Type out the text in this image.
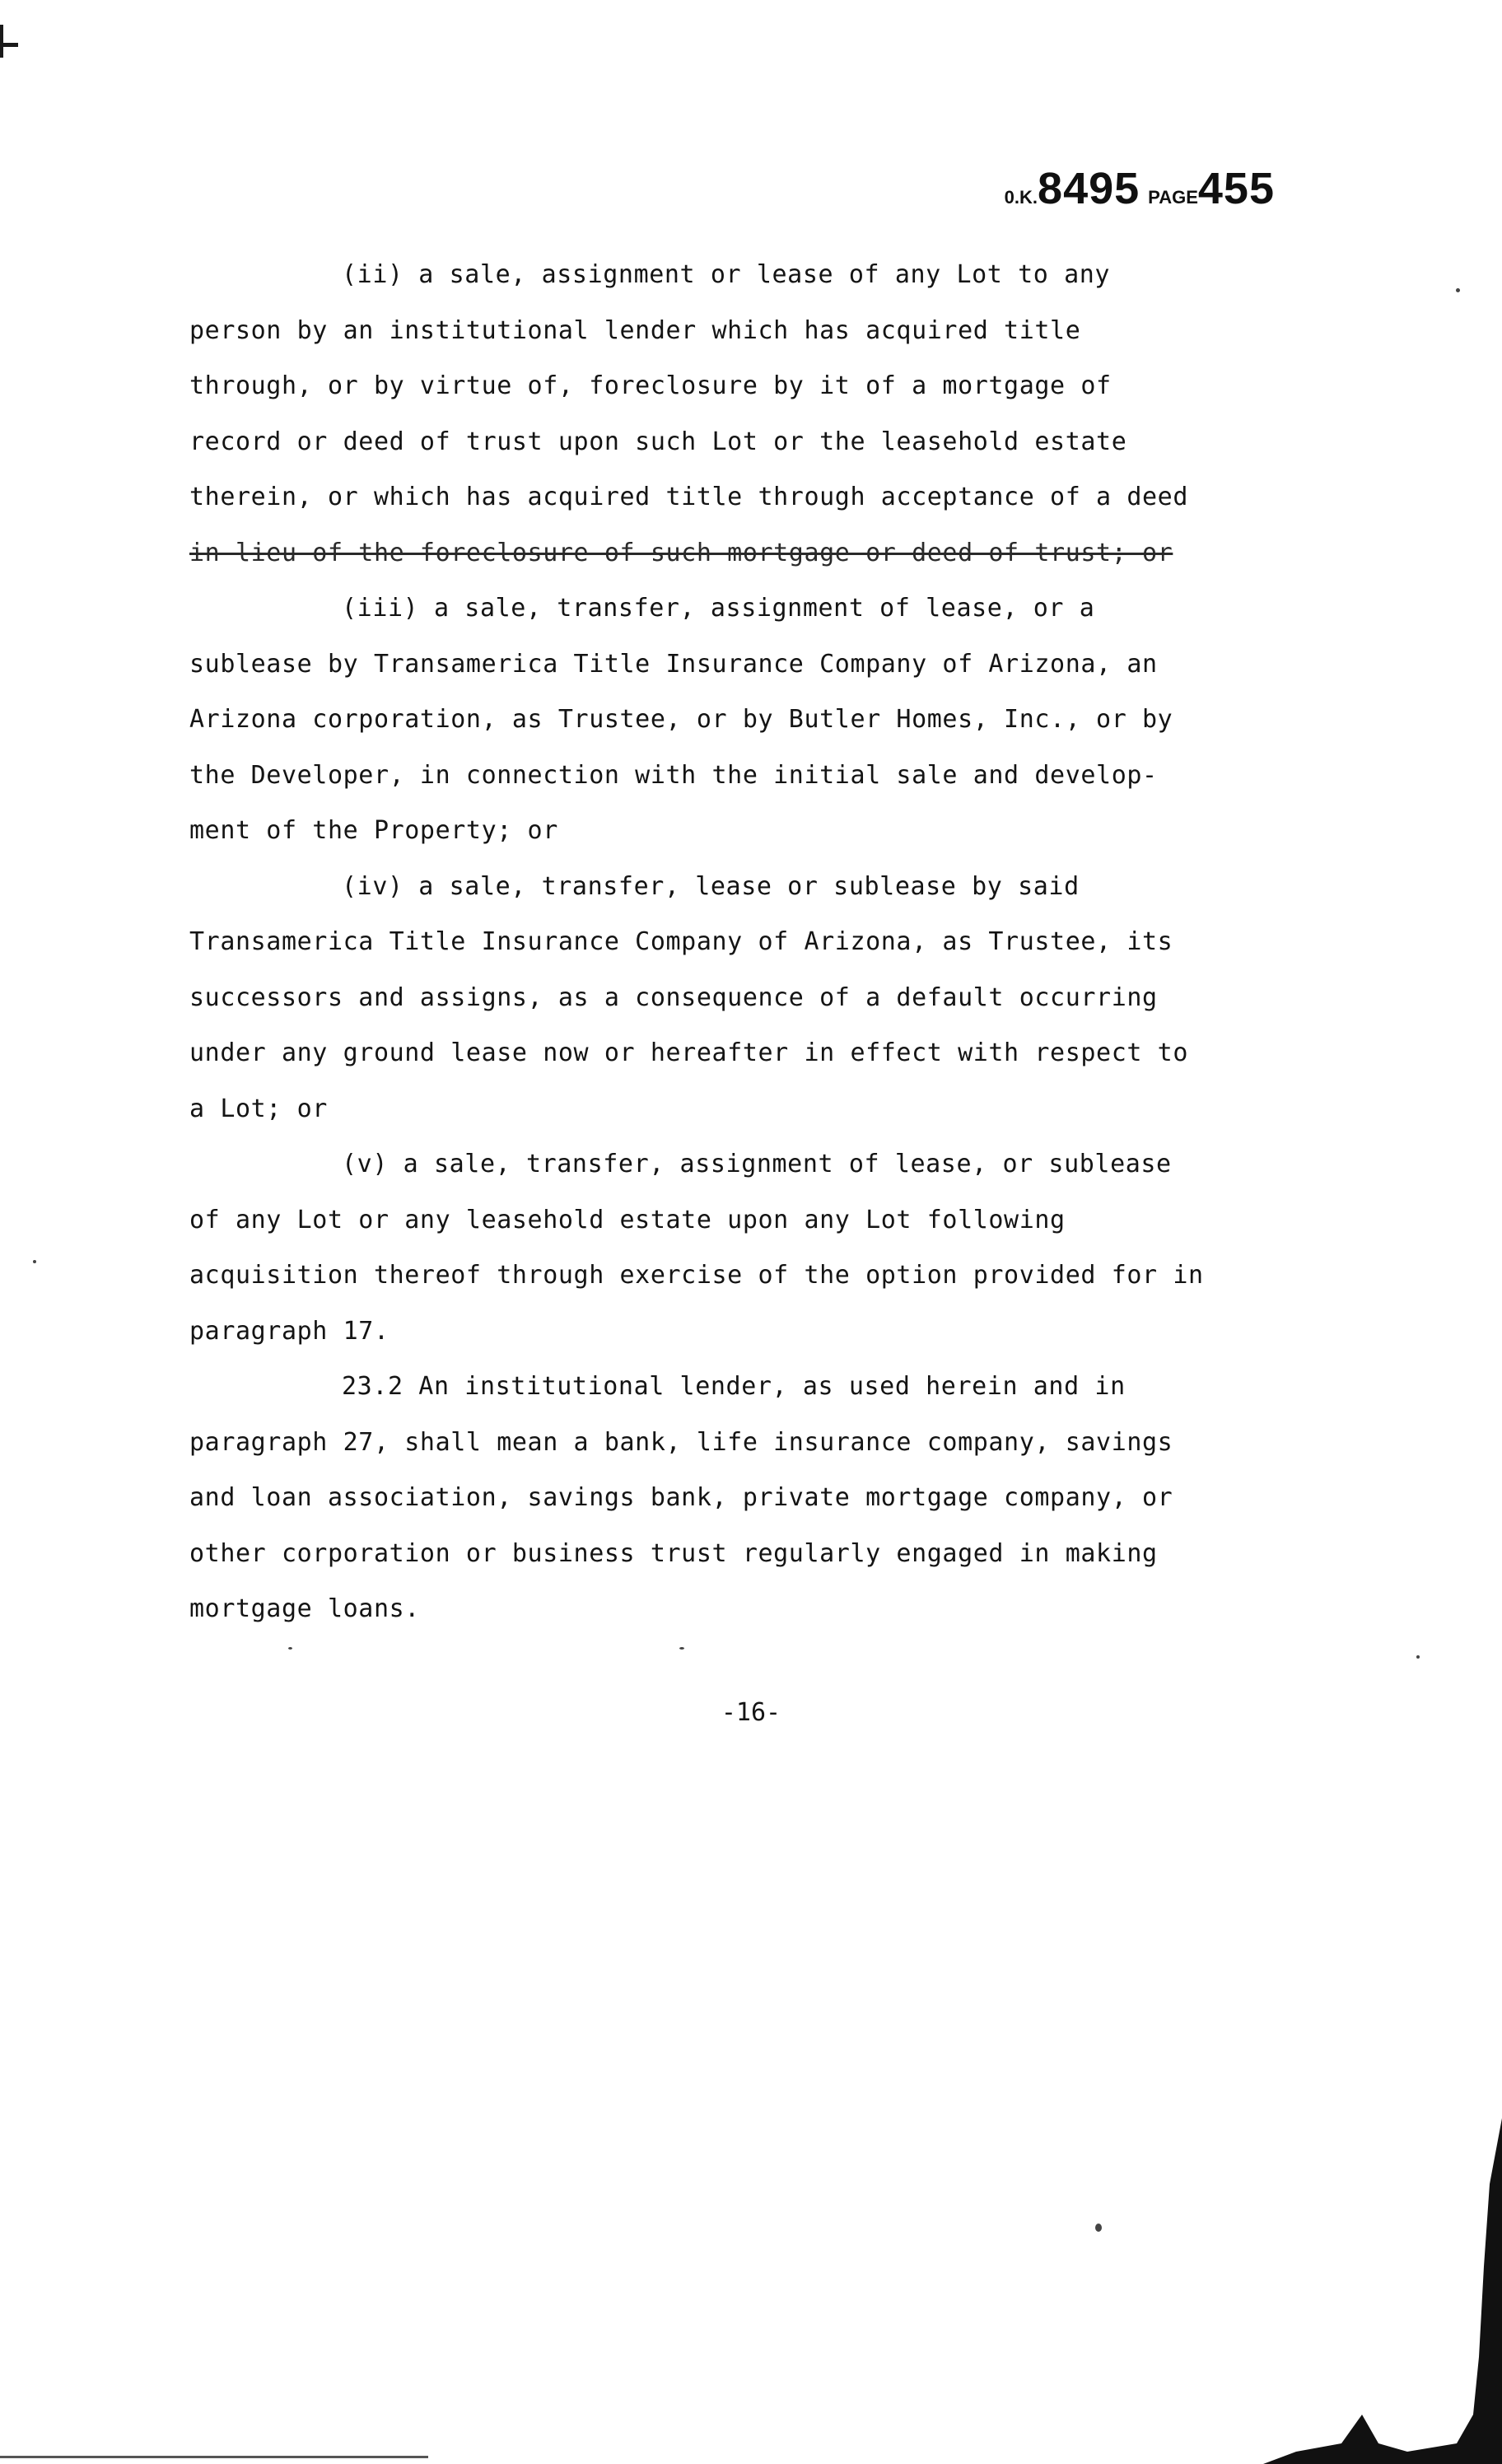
0.K.8495 PAGE455
(ii) a sale, assignment or lease of any Lot to any
person by an institutional lender which has acquired title
through, or by virtue of, foreclosure by it of a mortgage of
record or deed of trust upon such Lot or the leasehold estate
therein, or which has acquired title through acceptance of a deed
in lieu of the foreclosure of such mortgage or deed of trust; or
(iii) a sale, transfer, assignment of lease, or a
sublease by Transamerica Title Insurance Company of Arizona, an
Arizona corporation, as Trustee, or by Butler Homes, Inc., or by
the Developer, in connection with the initial sale and develop-
ment of the Property; or
(iv) a sale, transfer, lease or sublease by said
Transamerica Title Insurance Company of Arizona, as Trustee, its
successors and assigns, as a consequence of a default occurring
under any ground lease now or hereafter in effect with respect to
a Lot; or
(v) a sale, transfer, assignment of lease, or sublease
of any Lot or any leasehold estate upon any Lot following
acquisition thereof through exercise of the option provided for in
paragraph 17.
23.2 An institutional lender, as used herein and in
paragraph 27, shall mean a bank, life insurance company, savings
and loan association, savings bank, private mortgage company, or
other corporation or business trust regularly engaged in making
mortgage loans.
-16-
